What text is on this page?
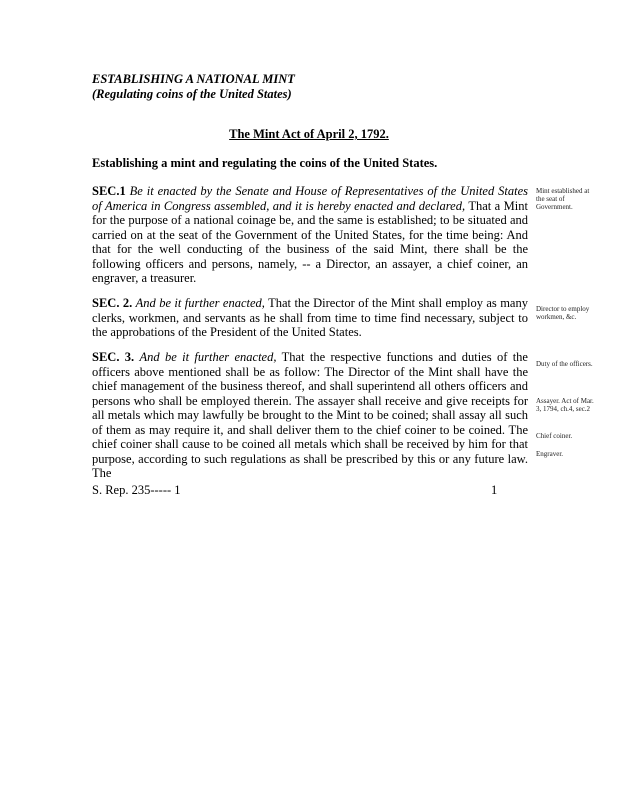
ESTABLISHING A NATIONAL MINT
(Regulating coins of the United States)
The Mint Act of April 2, 1792.
Establishing a mint and regulating the coins of the United States.
SEC.1 Be it enacted by the Senate and House of Representatives of the United States of America in Congress assembled, and it is hereby enacted and declared, That a Mint for the purpose of a national coinage be, and the same is established; to be situated and carried on at the seat of the Government of the United States, for the time being: And that for the well conducting of the business of the said Mint, there shall be the following officers and persons, namely, -- a Director, an assayer, a chief coiner, an engraver, a treasurer.
SEC. 2. And be it further enacted, That the Director of the Mint shall employ as many clerks, workmen, and servants as he shall from time to time find necessary, subject to the approbations of the President of the United States.
SEC. 3. And be it further enacted, That the respective functions and duties of the officers above mentioned shall be as follow: The Director of the Mint shall have the chief management of the business thereof, and shall superintend all others officers and persons who shall be employed therein. The assayer shall receive and give receipts for all metals which may lawfully be brought to the Mint to be coined; shall assay all such of them as may require it, and shall deliver them to the chief coiner to be coined. The chief coiner shall cause to be coined all metals which shall be received by him for that purpose, according to such regulations as shall be prescribed by this or any future law. The
Mint established at the seat of Government.
Director to employ workmen, &c.
Duty of the officers.
Assayer. Act of Mar. 3, 1794, ch.4, sec.2
Chief coiner.
Engraver.
S. Rep. 235----- 1	1
